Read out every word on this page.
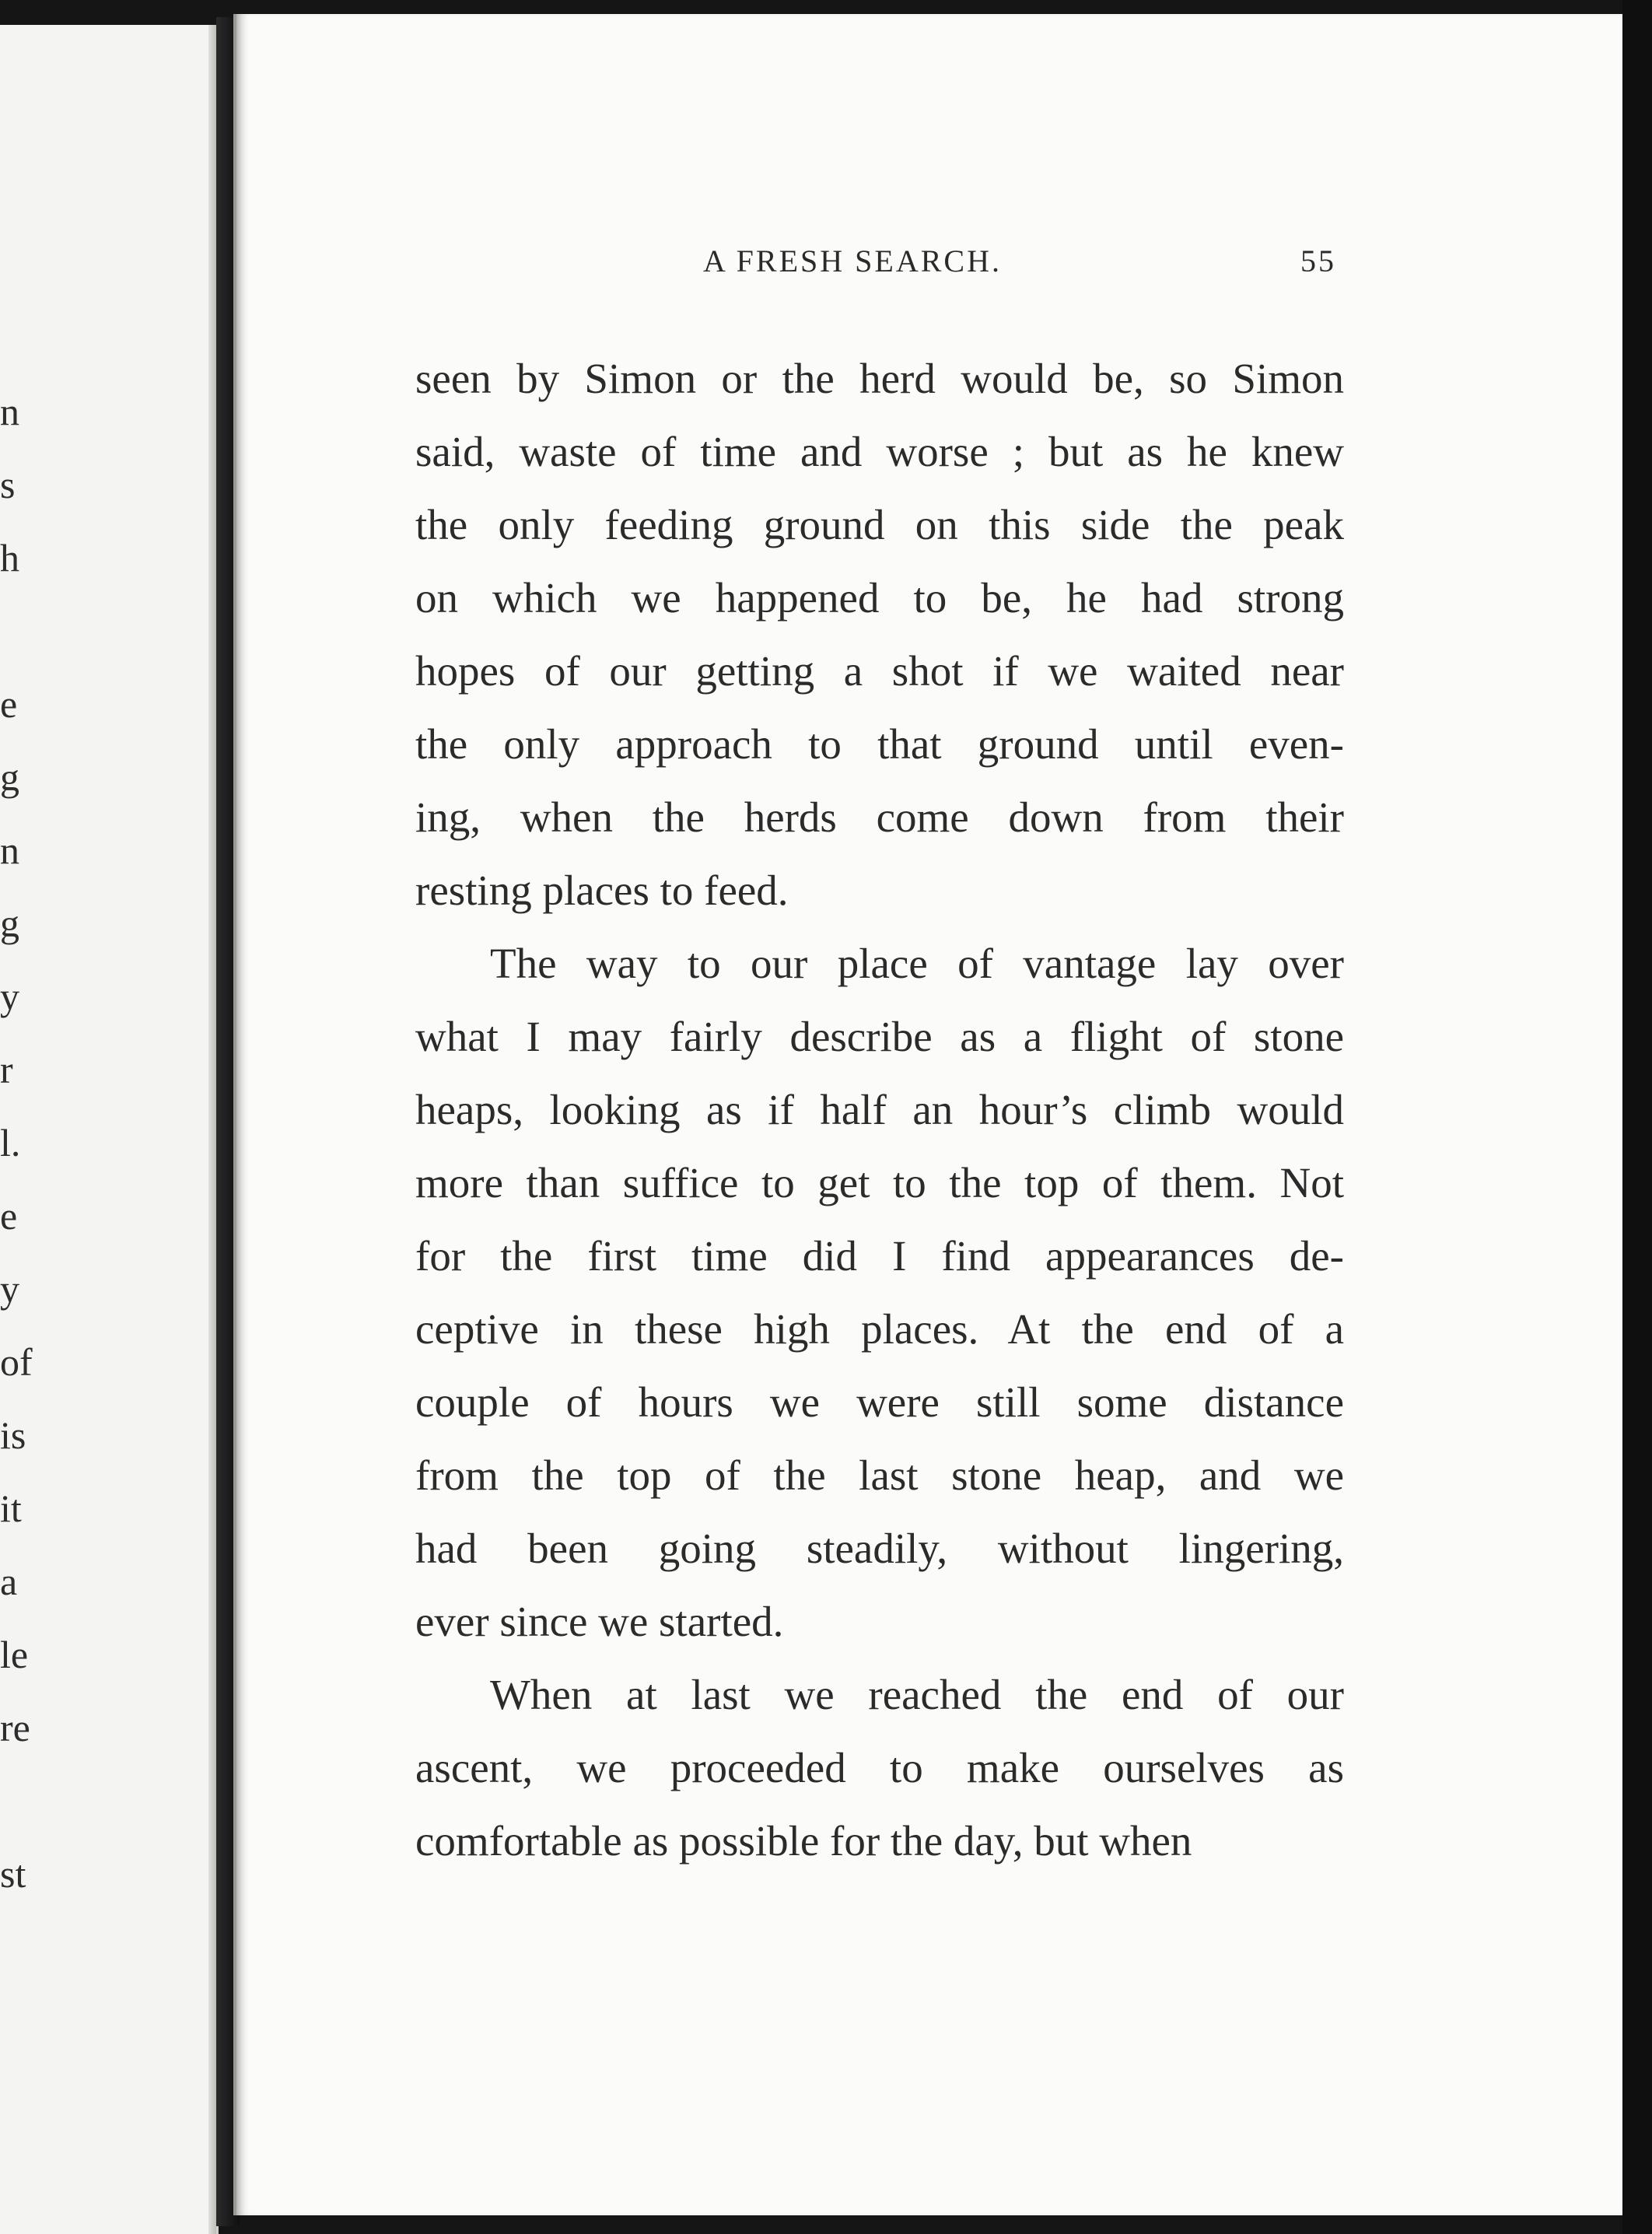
n
s
h
e
g
n
g
y
r
l.
e
y
of
is
it
a
le
re
st
A FRESH SEARCH.	55
seen by Simon or the herd would be, so Simon
said, waste of time and worse ; but as he knew
the only feeding ground on this side the peak
on which we happened to be, he had strong
hopes of our getting a shot if we waited near
the only approach to that ground until even-
ing, when the herds come down from their
resting places to feed.
The way to our place of vantage lay over
what I may fairly describe as a flight of stone
heaps, looking as if half an hour’s climb would
more than suffice to get to the top of them. Not
for the first time did I find appearances de-
ceptive in these high places. At the end of a
couple of hours we were still some distance
from the top of the last stone heap, and we
had been going steadily, without lingering,
ever since we started.
When at last we reached the end of our
ascent, we proceeded to make ourselves as
comfortable as possible for the day, but when
